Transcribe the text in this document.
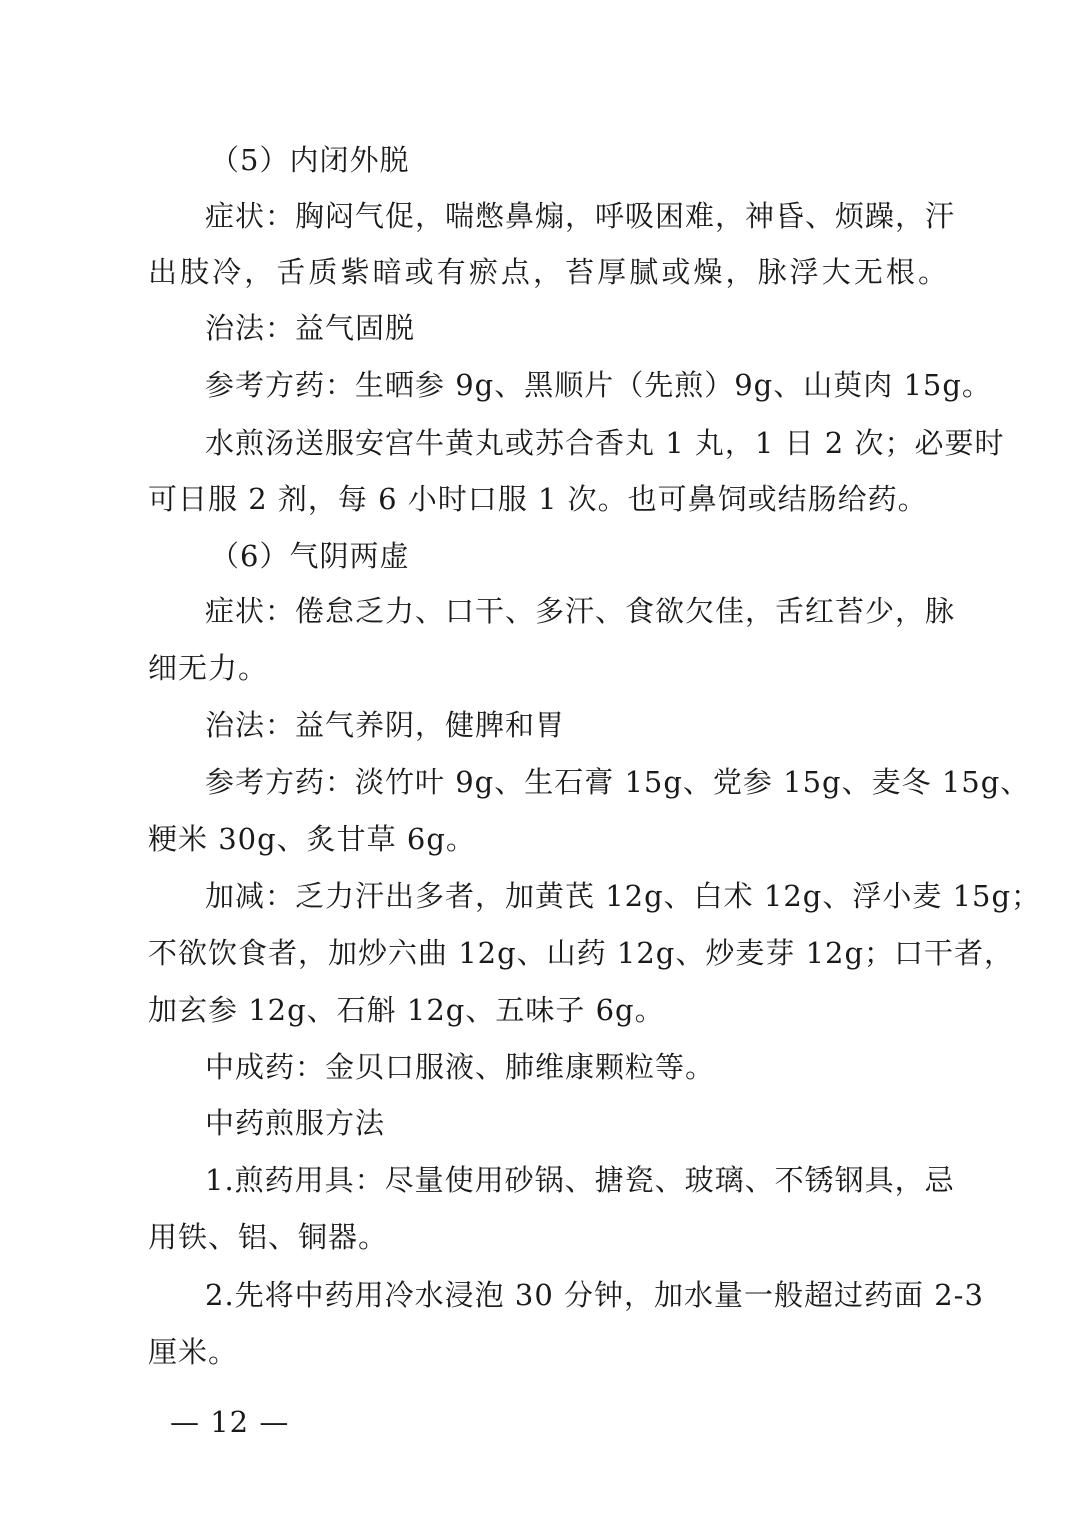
（5）内闭外脱
症状：胸闷气促，喘憋鼻煽，呼吸困难，神昏、烦躁，汗
出肢冷，舌质紫暗或有瘀点，苔厚腻或燥，脉浮大无根。
治法：益气固脱
参考方药：生晒参 9g、黑顺片（先煎）9g、山萸肉 15g。
水煎汤送服安宫牛黄丸或苏合香丸 1 丸，1 日 2 次；必要时
可日服 2 剂，每 6 小时口服 1 次。也可鼻饲或结肠给药。
（6）气阴两虚
症状：倦怠乏力、口干、多汗、食欲欠佳，舌红苔少，脉
细无力。
治法：益气养阴，健脾和胃
参考方药：淡竹叶 9g、生石膏 15g、党参 15g、麦冬 15g、
粳米 30g、炙甘草 6g。
加减：乏力汗出多者，加黄芪 12g、白术 12g、浮小麦 15g；
不欲饮食者，加炒六曲 12g、山药 12g、炒麦芽 12g；口干者，
加玄参 12g、石斛 12g、五味子 6g。
中成药：金贝口服液、肺维康颗粒等。
中药煎服方法
1.煎药用具：尽量使用砂锅、搪瓷、玻璃、不锈钢具，忌
用铁、铝、铜器。
2.先将中药用冷水浸泡 30 分钟，加水量一般超过药面 2-3
厘米。
— 12 —
